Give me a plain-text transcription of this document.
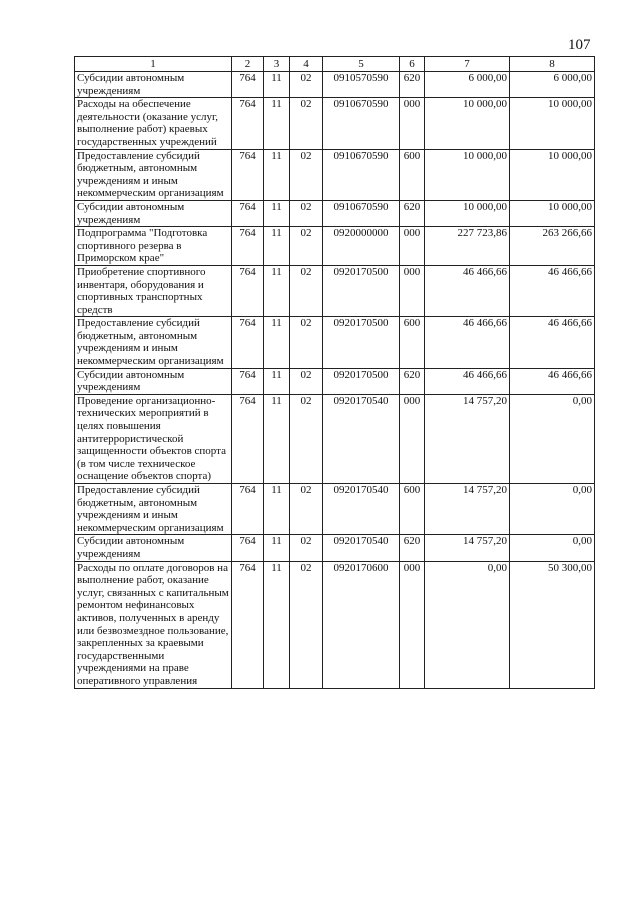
107
1	2	3	4	5	6	7	8
Субсидии автономным учреждениям	764	11	02	0910570590	620	6 000,00	6 000,00
Расходы на обеспечение деятельности (оказание услуг, выполнение работ) краевых государственных учреждений	764	11	02	0910670590	000	10 000,00	10 000,00
Предоставление субсидий бюджетным, автономным учреждениям и иным некоммерческим организациям	764	11	02	0910670590	600	10 000,00	10 000,00
Субсидии автономным учреждениям	764	11	02	0910670590	620	10 000,00	10 000,00
Подпрограмма "Подготовка спортивного резерва в Приморском крае"	764	11	02	0920000000	000	227 723,86	263 266,66
Приобретение спортивного инвентаря, оборудования и спортивных транспортных средств	764	11	02	0920170500	000	46 466,66	46 466,66
Предоставление субсидий бюджетным, автономным учреждениям и иным некоммерческим организациям	764	11	02	0920170500	600	46 466,66	46 466,66
Субсидии автономным учреждениям	764	11	02	0920170500	620	46 466,66	46 466,66
Проведение организационно-технических мероприятий в целях повышения антитеррористической защищенности объектов спорта (в том числе техническое оснащение объектов спорта)	764	11	02	0920170540	000	14 757,20	0,00
Предоставление субсидий бюджетным, автономным учреждениям и иным некоммерческим организациям	764	11	02	0920170540	600	14 757,20	0,00
Субсидии автономным учреждениям	764	11	02	0920170540	620	14 757,20	0,00
Расходы по оплате договоров на выполнение работ, оказание услуг, связанных с капитальным ремонтом нефинансовых активов, полученных в аренду или безвозмездное пользование, закрепленных за краевыми государственными учреждениями на праве оперативного управления	764	11	02	0920170600	000	0,00	50 300,00
